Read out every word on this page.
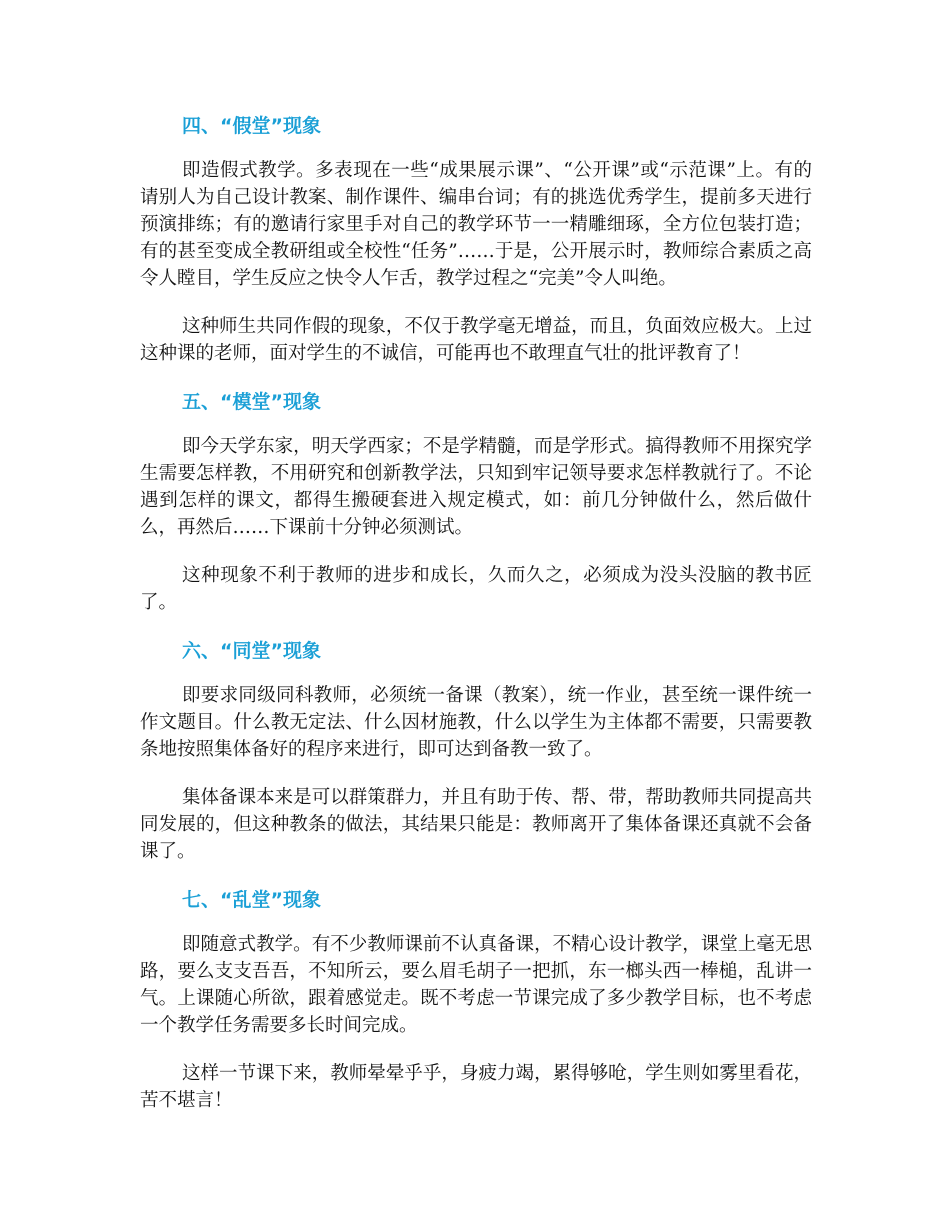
四、“假堂”现象

即造假式教学。多表现在一些“成果展示课”、“公开课”或“示范课”上。有的请别人为自己设计教案、制作课件、编串台词；有的挑选优秀学生，提前多天进行预演排练；有的邀请行家里手对自己的教学环节一一精雕细琢，全方位包装打造；有的甚至变成全教研组或全校性“任务”……于是，公开展示时，教师综合素质之高令人瞠目，学生反应之快令人乍舌，教学过程之“完美”令人叫绝。

这种师生共同作假的现象，不仅于教学毫无增益，而且，负面效应极大。上过这种课的老师，面对学生的不诚信，可能再也不敢理直气壮的批评教育了！

五、“模堂”现象

即今天学东家，明天学西家；不是学精髓，而是学形式。搞得教师不用探究学生需要怎样教，不用研究和创新教学法，只知到牢记领导要求怎样教就行了。不论遇到怎样的课文，都得生搬硬套进入规定模式，如：前几分钟做什么，然后做什么，再然后……下课前十分钟必须测试。

这种现象不利于教师的进步和成长，久而久之，必须成为没头没脑的教书匠了。

六、“同堂”现象

即要求同级同科教师，必须统一备课（教案），统一作业，甚至统一课件统一作文题目。什么教无定法、什么因材施教，什么以学生为主体都不需要，只需要教条地按照集体备好的程序来进行，即可达到备教一致了。

集体备课本来是可以群策群力，并且有助于传、帮、带，帮助教师共同提高共同发展的，但这种教条的做法，其结果只能是：教师离开了集体备课还真就不会备课了。

七、“乱堂”现象

即随意式教学。有不少教师课前不认真备课，不精心设计教学，课堂上毫无思路，要么支支吾吾，不知所云，要么眉毛胡子一把抓，东一榔头西一棒槌，乱讲一气。上课随心所欲，跟着感觉走。既不考虑一节课完成了多少教学目标，也不考虑一个教学任务需要多长时间完成。

这样一节课下来，教师晕晕乎乎，身疲力竭，累得够呛，学生则如雾里看花，苦不堪言！
